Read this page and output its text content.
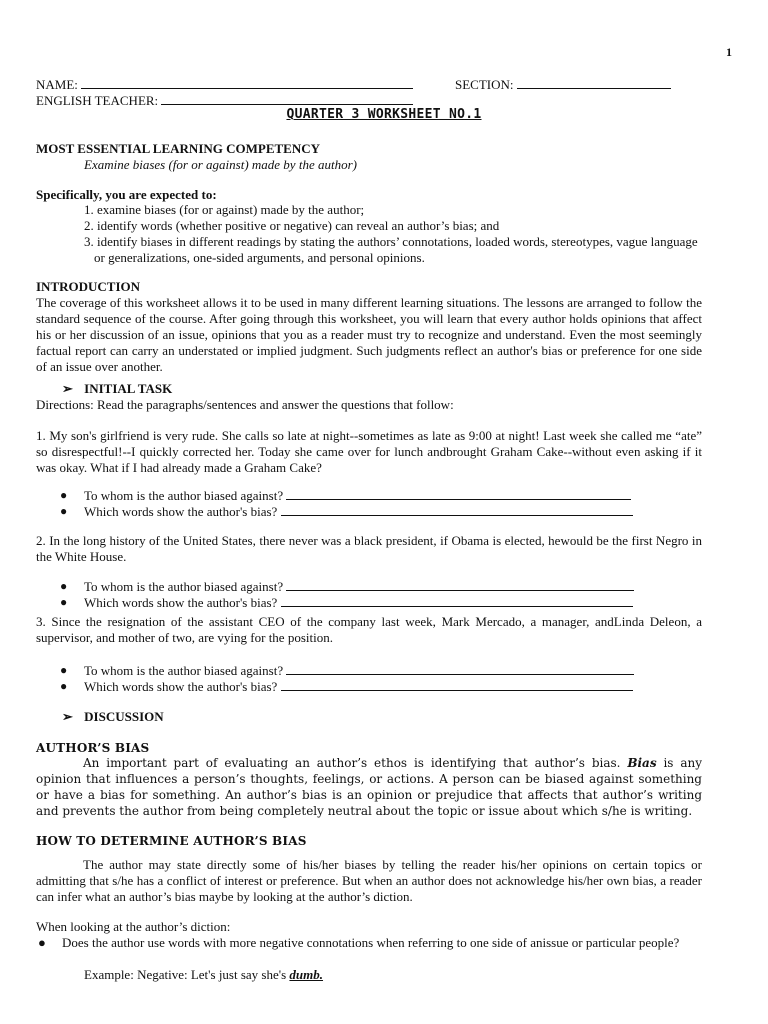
1
NAME:	SECTION:
ENGLISH TEACHER:
QUARTER 3 WORKSHEET NO.1
MOST ESSENTIAL LEARNING COMPETENCY
Examine biases (for or against) made by the author)
Specifically, you are expected to:
1. examine biases (for or against) made by the author;
2. identify words (whether positive or negative) can reveal an author’s bias; and
3. identify biases in different readings by stating the authors’ connotations, loaded words, stereotypes, vague language or generalizations, one-sided arguments, and personal opinions.
INTRODUCTION
The coverage of this worksheet allows it to be used in many different learning situations. The lessons are arranged to follow the standard sequence of the course. After going through this worksheet, you will learn that every author holds opinions that affect his or her discussion of an issue, opinions that you as a reader must try to recognize and understand. Even the most seemingly factual report can carry an understated or implied judgment. Such judgments reflect an author's bias or preference for one side of an issue over another.
➢ INITIAL TASK
Directions: Read the paragraphs/sentences and answer the questions that follow:
1. My son's girlfriend is very rude. She calls so late at night--sometimes as late as 9:00 at night! Last week she called me “ate” so disrespectful!--I quickly corrected her. Today she came over for lunch andbrought Graham Cake--without even asking if it was okay. What if I had already made a Graham Cake?
● To whom is the author biased against?
● Which words show the author's bias?
2. In the long history of the United States, there never was a black president, if Obama is elected, hewould be the first Negro in the White House.
● To whom is the author biased against?
● Which words show the author's bias?
3. Since the resignation of the assistant CEO of the company last week, Mark Mercado, a manager, andLinda Deleon, a supervisor, and mother of two, are vying for the position.
● To whom is the author biased against?
● Which words show the author's bias?
➢ DISCUSSION
AUTHOR’S BIAS
An important part of evaluating an author’s ethos is identifying that author’s bias. Bias is any opinion that influences a person’s thoughts, feelings, or actions. A person can be biased against something or have a bias for something. An author’s bias is an opinion or prejudice that affects that author’s writing and prevents the author from being completely neutral about the topic or issue about which s/he is writing.
HOW TO DETERMINE AUTHOR’S BIAS
The author may state directly some of his/her biases by telling the reader his/her opinions on certain topics or admitting that s/he has a conflict of interest or preference. But when an author does not acknowledge his/her own bias, a reader can infer what an author’s bias maybe by looking at the author’s diction.
When looking at the author’s diction:
● Does the author use words with more negative connotations when referring to one side of anissue or particular people?
Example: Negative: Let's just say she's dumb.
